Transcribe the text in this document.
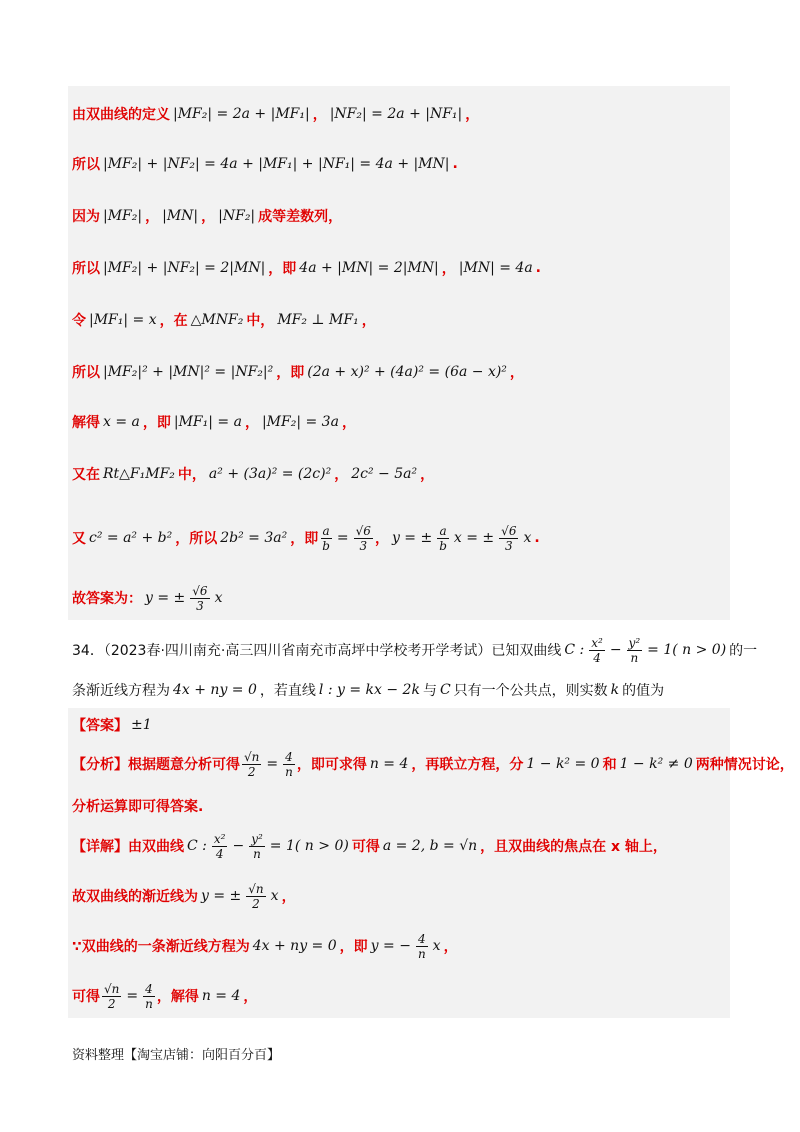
由双曲线的定义 |MF₂| = 2a + |MF₁| ， |NF₂| = 2a + |NF₁| ，
所以 |MF₂| + |NF₂| = 4a + |MF₁| + |NF₁| = 4a + |MN| .
因为 |MF₂| ， |MN| ， |NF₂| 成等差数列，
所以 |MF₂| + |NF₂| = 2|MN| ，即 4a + |MN| = 2|MN| ， |MN| = 4a .
令 |MF₁| = x ，在 △MNF₂ 中， MF₂ ⊥ MF₁ ，
所以 |MF₂|² + |MN|² = |NF₂|² ，即 (2a + x)² + (4a)² = (6a − x)² ，
解得 x = a ，即 |MF₁| = a ， |MF₂| = 3a ，
又在 Rt△F₁MF₂ 中， a² + (3a)² = (2c)² ， 2c² − 5a² ，
又 c² = a² + b² ，所以 2b² = 3a² ，即 $\frac{a}{b} = \frac{√6}{3}$ ， y = ± $\frac{a}{b}$ x = ± $\frac{√6}{3}$ x .
故答案为： y = ± $\frac{√6}{3}$ x
34．（2023春·四川南充·高三四川省南充市高坪中学校考开学考试）已知双曲线 C : $\frac{\text{x²}}{4} - \frac{\text{y²}}{n} = 1$( n > 0) 的一
条渐近线方程为 4x + ny = 0 ，若直线 l : y = kx − 2k 与 C 只有一个公共点，则实数 k 的值为
【答案】 ±1
【分析】根据题意分析可得 $\frac{√n}{2} = \frac{4}{n}$ ，即可求得 n = 4 ，再联立方程，分 1 − k² = 0 和 1 − k² ≠ 0 两种情况讨论，
分析运算即可得答案.
【详解】由双曲线 C : $\frac{\text{x²}}{4} - \frac{\text{y²}}{n} = 1$( n > 0) 可得 a = 2, b = √n ，且双曲线的焦点在 x 轴上，
故双曲线的渐近线为 y = ± $\frac{√n}{2}$ x ，
∵双曲线的一条渐近线方程为 4x + ny = 0 ，即 y = − $\frac{4}{n}$ x ，
可得 $\frac{√n}{2} = \frac{4}{n}$ ，解得 n = 4 ，
资料整理【淘宝店铺：向阳百分百】
